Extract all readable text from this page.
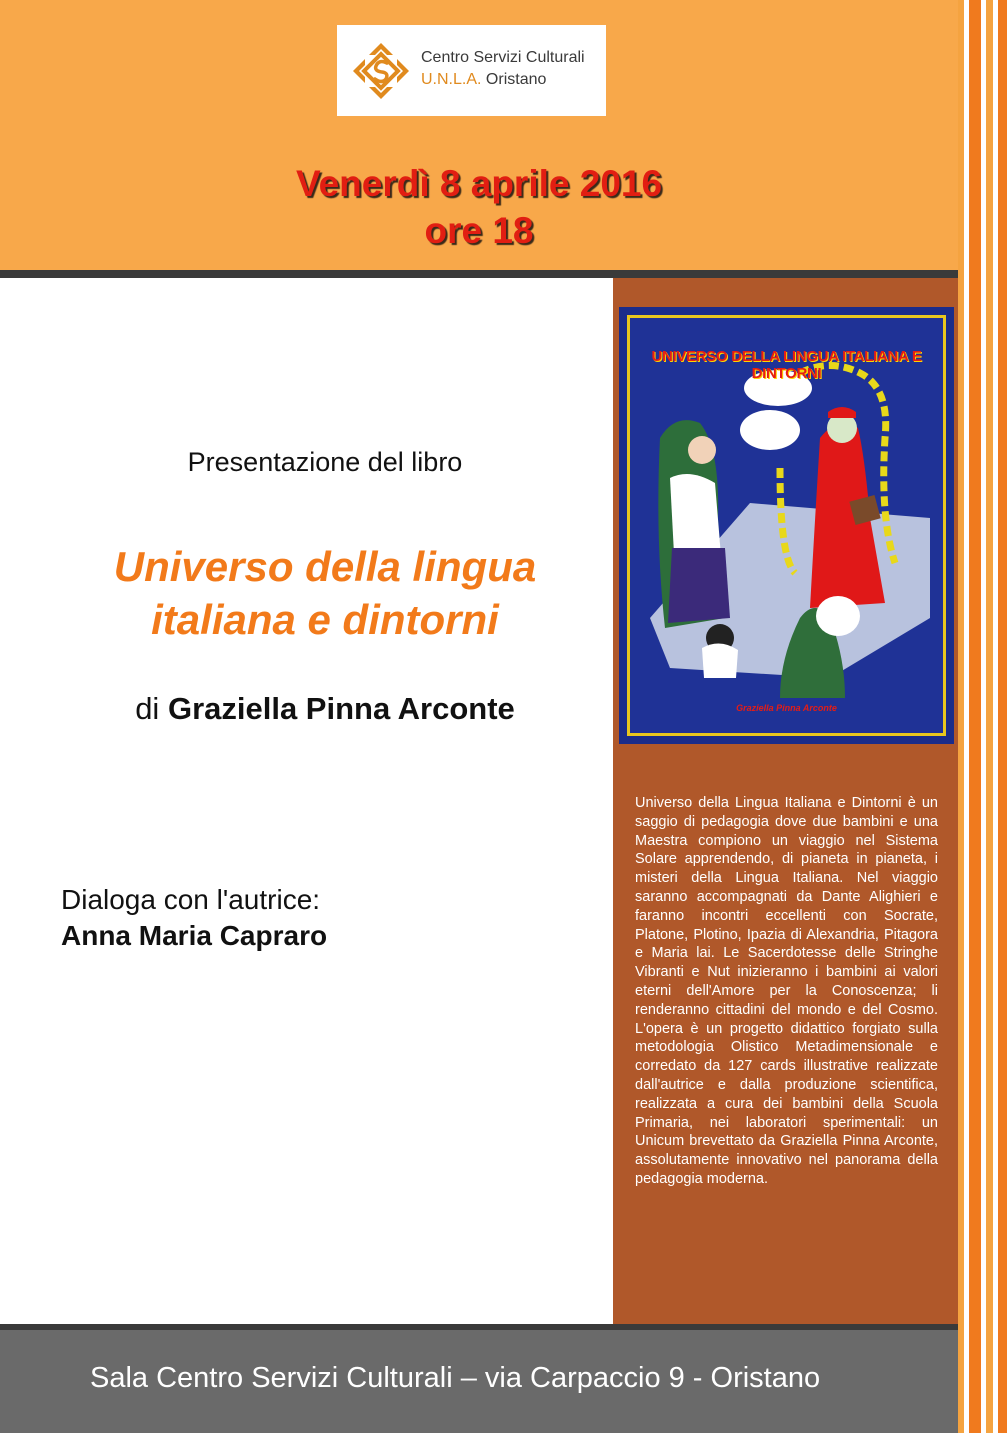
Centro Servizi Culturali
U.N.L.A. Oristano
Venerdì 8 aprile 2016
ore 18
UNIVERSO DELLA LINGUA ITALIANA E DINTORNI
Graziella Pinna Arconte
Universo della Lingua Italiana e Dintorni è un saggio di pedagogia dove due bambini e una Maestra compiono un viaggio nel Sistema Solare apprendendo, di pianeta in pianeta, i misteri della Lingua Italiana. Nel viaggio saranno accompagnati da Dante Alighieri e faranno incontri eccellenti con Socrate, Platone, Plotino, Ipazia di Alexandria, Pitagora e Maria lai. Le Sacerdotesse delle Stringhe Vibranti e Nut inizieranno i bambini ai valori eterni dell'Amore per la Conoscenza; li renderanno cittadini del mondo e del Cosmo. L'opera è un progetto didattico forgiato sulla metodologia Olistico Metadimensionale e corredato da 127 cards illustrative realizzate dall'autrice e dalla produzione scientifica, realizzata a cura dei bambini della Scuola Primaria, nei laboratori sperimentali: un Unicum brevettato da Graziella Pinna Arconte, assolutamente innovativo nel panorama della pedagogia moderna.
Presentazione del libro
Universo della lingua
italiana e dintorni
di Graziella Pinna Arconte
Dialoga con l'autrice:
Anna Maria Capraro
Sala Centro Servizi Culturali – via Carpaccio 9 - Oristano
